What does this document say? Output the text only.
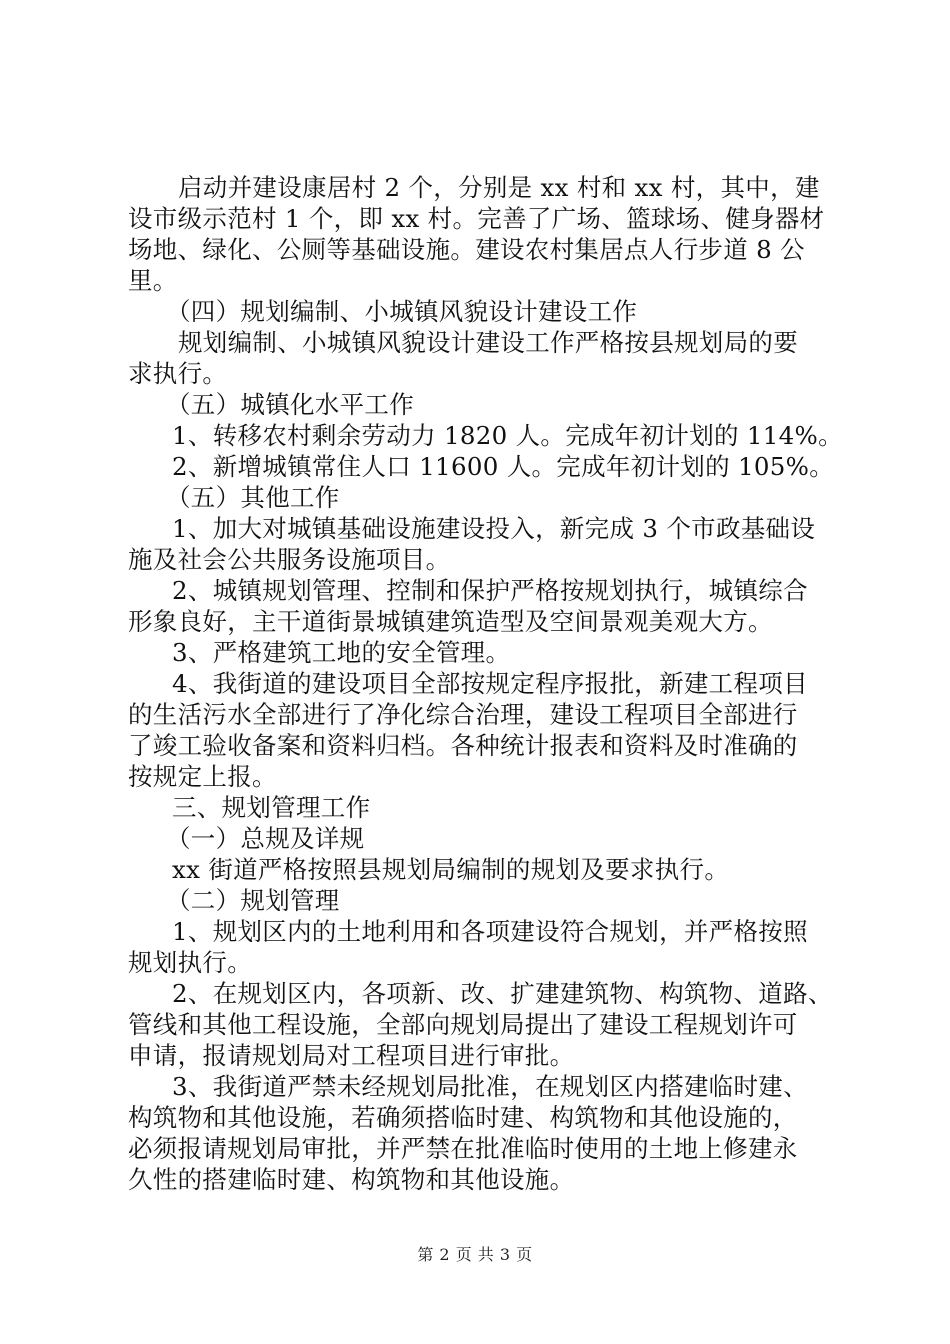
启动并建设康居村 2 个，分别是 xx 村和 xx 村，其中，建
设市级示范村 1 个，即 xx 村。完善了广场、篮球场、健身器材
场地、绿化、公厕等基础设施。建设农村集居点人行步道 8 公
里。
（四）规划编制、小城镇风貌设计建设工作
规划编制、小城镇风貌设计建设工作严格按县规划局的要
求执行。
（五）城镇化水平工作
1、转移农村剩余劳动力 1820 人。完成年初计划的 114%。
2、新增城镇常住人口 11600 人。完成年初计划的 105%。
（五）其他工作
1、加大对城镇基础设施建设投入，新完成 3 个市政基础设
施及社会公共服务设施项目。
2、城镇规划管理、控制和保护严格按规划执行，城镇综合
形象良好，主干道街景城镇建筑造型及空间景观美观大方。
3、严格建筑工地的安全管理。
4、我街道的建设项目全部按规定程序报批，新建工程项目
的生活污水全部进行了净化综合治理，建设工程项目全部进行
了竣工验收备案和资料归档。各种统计报表和资料及时准确的
按规定上报。
三、规划管理工作
（一）总规及详规
xx 街道严格按照县规划局编制的规划及要求执行。
（二）规划管理
1、规划区内的土地利用和各项建设符合规划，并严格按照
规划执行。
2、在规划区内，各项新、改、扩建建筑物、构筑物、道路、
管线和其他工程设施，全部向规划局提出了建设工程规划许可
申请，报请规划局对工程项目进行审批。
3、我街道严禁未经规划局批准，在规划区内搭建临时建、
构筑物和其他设施，若确须搭临时建、构筑物和其他设施的，
必须报请规划局审批，并严禁在批准临时使用的土地上修建永
久性的搭建临时建、构筑物和其他设施。
第 2 页 共 3 页
